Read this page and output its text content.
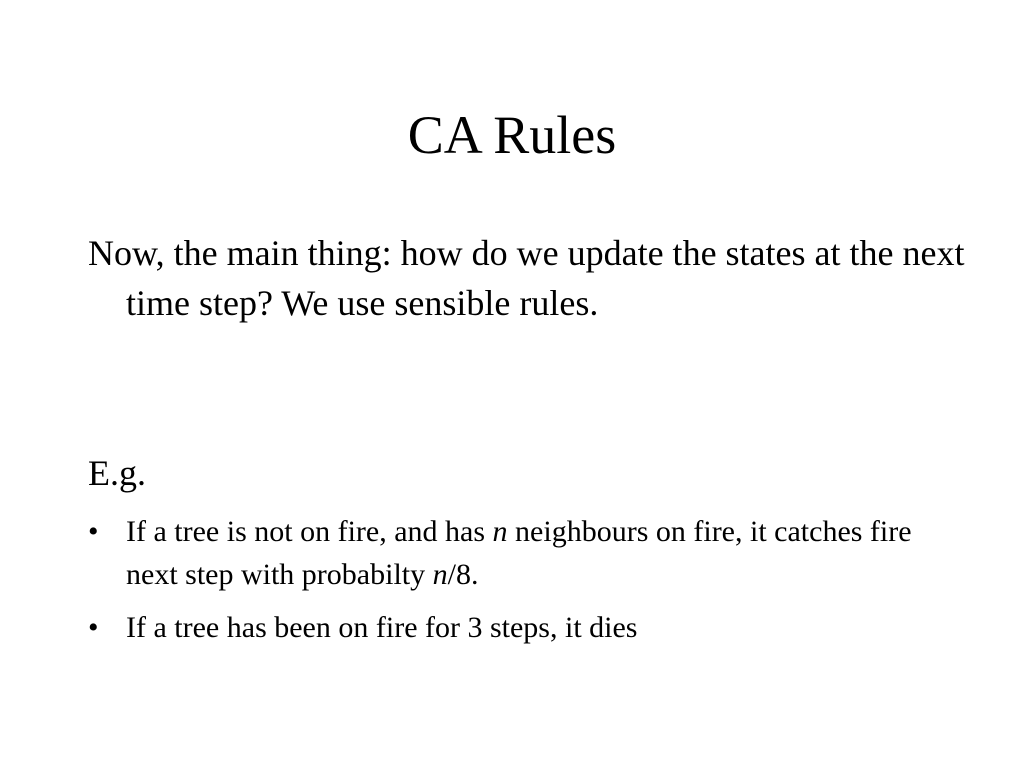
CA Rules

Now, the main thing: how do we update the states at the next time step? We use sensible rules.

E.g.

• If a tree is not on fire, and has n neighbours on fire, it catches fire next step with probabilty n/8.
• If a tree has been on fire for 3 steps, it dies
